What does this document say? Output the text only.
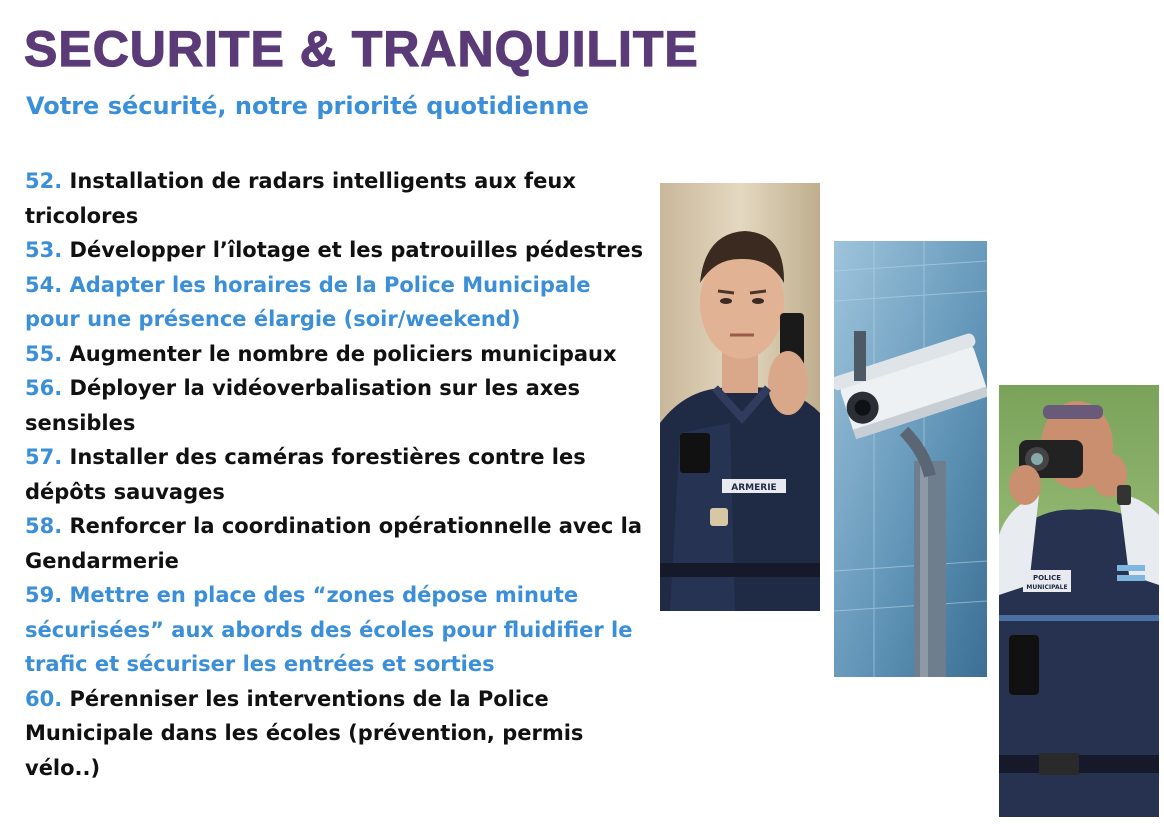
SECURITE & TRANQUILITE
Votre sécurité, notre priorité quotidienne
52. Installation de radars intelligents aux feux
tricolores
53. Développer l’îlotage et les patrouilles pédestres
54. Adapter les horaires de la Police Municipale
pour une présence élargie (soir/weekend)
55. Augmenter le nombre de policiers municipaux
56. Déployer la vidéoverbalisation sur les axes
sensibles
57. Installer des caméras forestières contre les
dépôts sauvages
58. Renforcer la coordination opérationnelle avec la
Gendarmerie
59. Mettre en place des “zones dépose minute
sécurisées” aux abords des écoles pour fluidifier le
trafic et sécuriser les entrées et sorties
60. Pérenniser les interventions de la Police
Municipale dans les écoles (prévention, permis
vélo..)
ARMERIE
POLICE
MUNICIPALE
